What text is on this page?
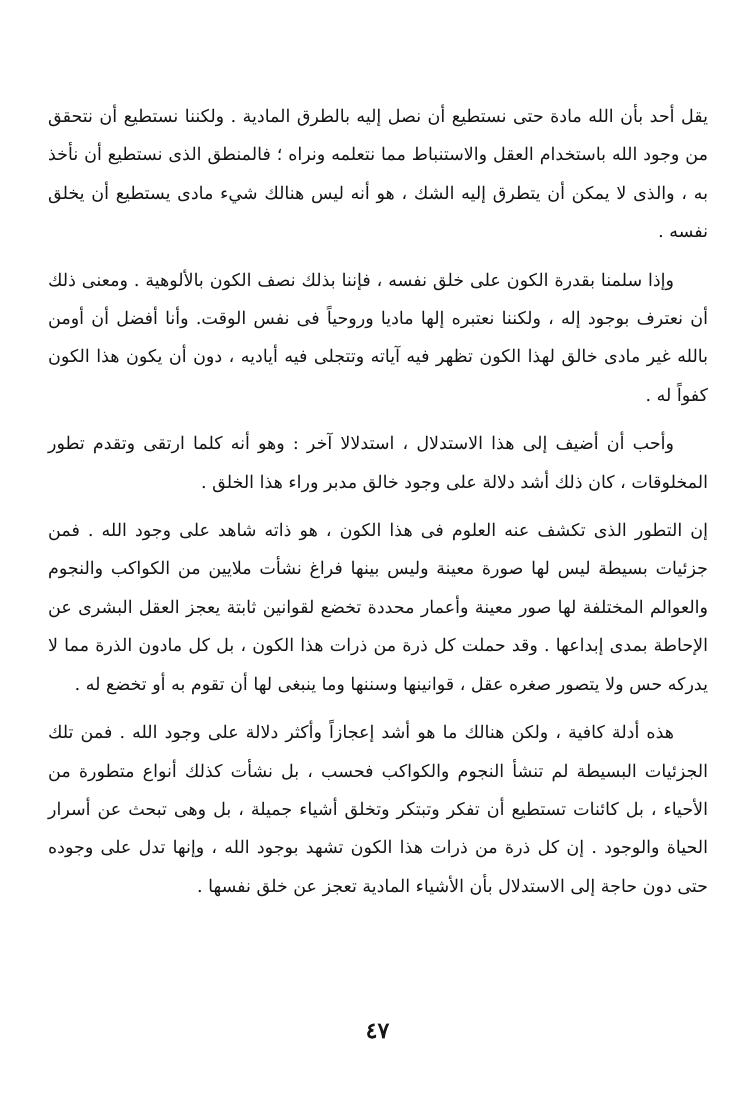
يقل أحد بأن الله مادة حتى نستطيع أن نصل إليه بالطرق المادية . ولكننا نستطيع أن نتحقق من وجود الله باستخدام العقل والاستنباط مما نتعلمه ونراه ؛ فالمنطق الذى نستطيع أن نأخذ به ، والذى لا يمكن أن يتطرق إليه الشك ، هو أنه ليس هنالك شيء مادى يستطيع أن يخلق نفسه .

وإذا سلمنا بقدرة الكون على خلق نفسه ، فإننا بذلك نصف الكون بالألوهية . ومعنى ذلك أن نعترف بوجود إله ، ولكننا نعتبره إلها ماديا وروحياً فى نفس الوقت. وأنا أفضل أن أومن بالله غير مادى خالق لهذا الكون تظهر فيه آياته وتتجلى فيه أياديه ، دون أن يكون هذا الكون كفواً له .

وأحب أن أضيف إلى هذا الاستدلال ، استدلالا آخر : وهو أنه كلما ارتقى وتقدم تطور المخلوقات ، كان ذلك أشد دلالة على وجود خالق مدبر وراء هذا الخلق .

إن التطور الذى تكشف عنه العلوم فى هذا الكون ، هو ذاته شاهد على وجود الله . فمن جزئيات بسيطة ليس لها صورة معينة وليس بينها فراغ نشأت ملايين من الكواكب والنجوم والعوالم المختلفة لها صور معينة وأعمار محددة تخضع لقوانين ثابتة يعجز العقل البشرى عن الإحاطة بمدى إبداعها . وقد حملت كل ذرة من ذرات هذا الكون ، بل كل مادون الذرة مما لا يدركه حس ولا يتصور صغره عقل ، قوانينها وسننها وما ينبغى لها أن تقوم به أو تخضع له .

هذه أدلة كافية ، ولكن هنالك ما هو أشد إعجازاً وأكثر دلالة على وجود الله . فمن تلك الجزئيات البسيطة لم تنشأ النجوم والكواكب فحسب ، بل نشأت كذلك أنواع متطورة من الأحياء ، بل كائنات تستطيع أن تفكر وتبتكر وتخلق أشياء جميلة ، بل وهى تبحث عن أسرار الحياة والوجود . إن كل ذرة من ذرات هذا الكون تشهد بوجود الله ، وإنها تدل على وجوده حتى دون حاجة إلى الاستدلال بأن الأشياء المادية تعجز عن خلق نفسها .

٤٧
